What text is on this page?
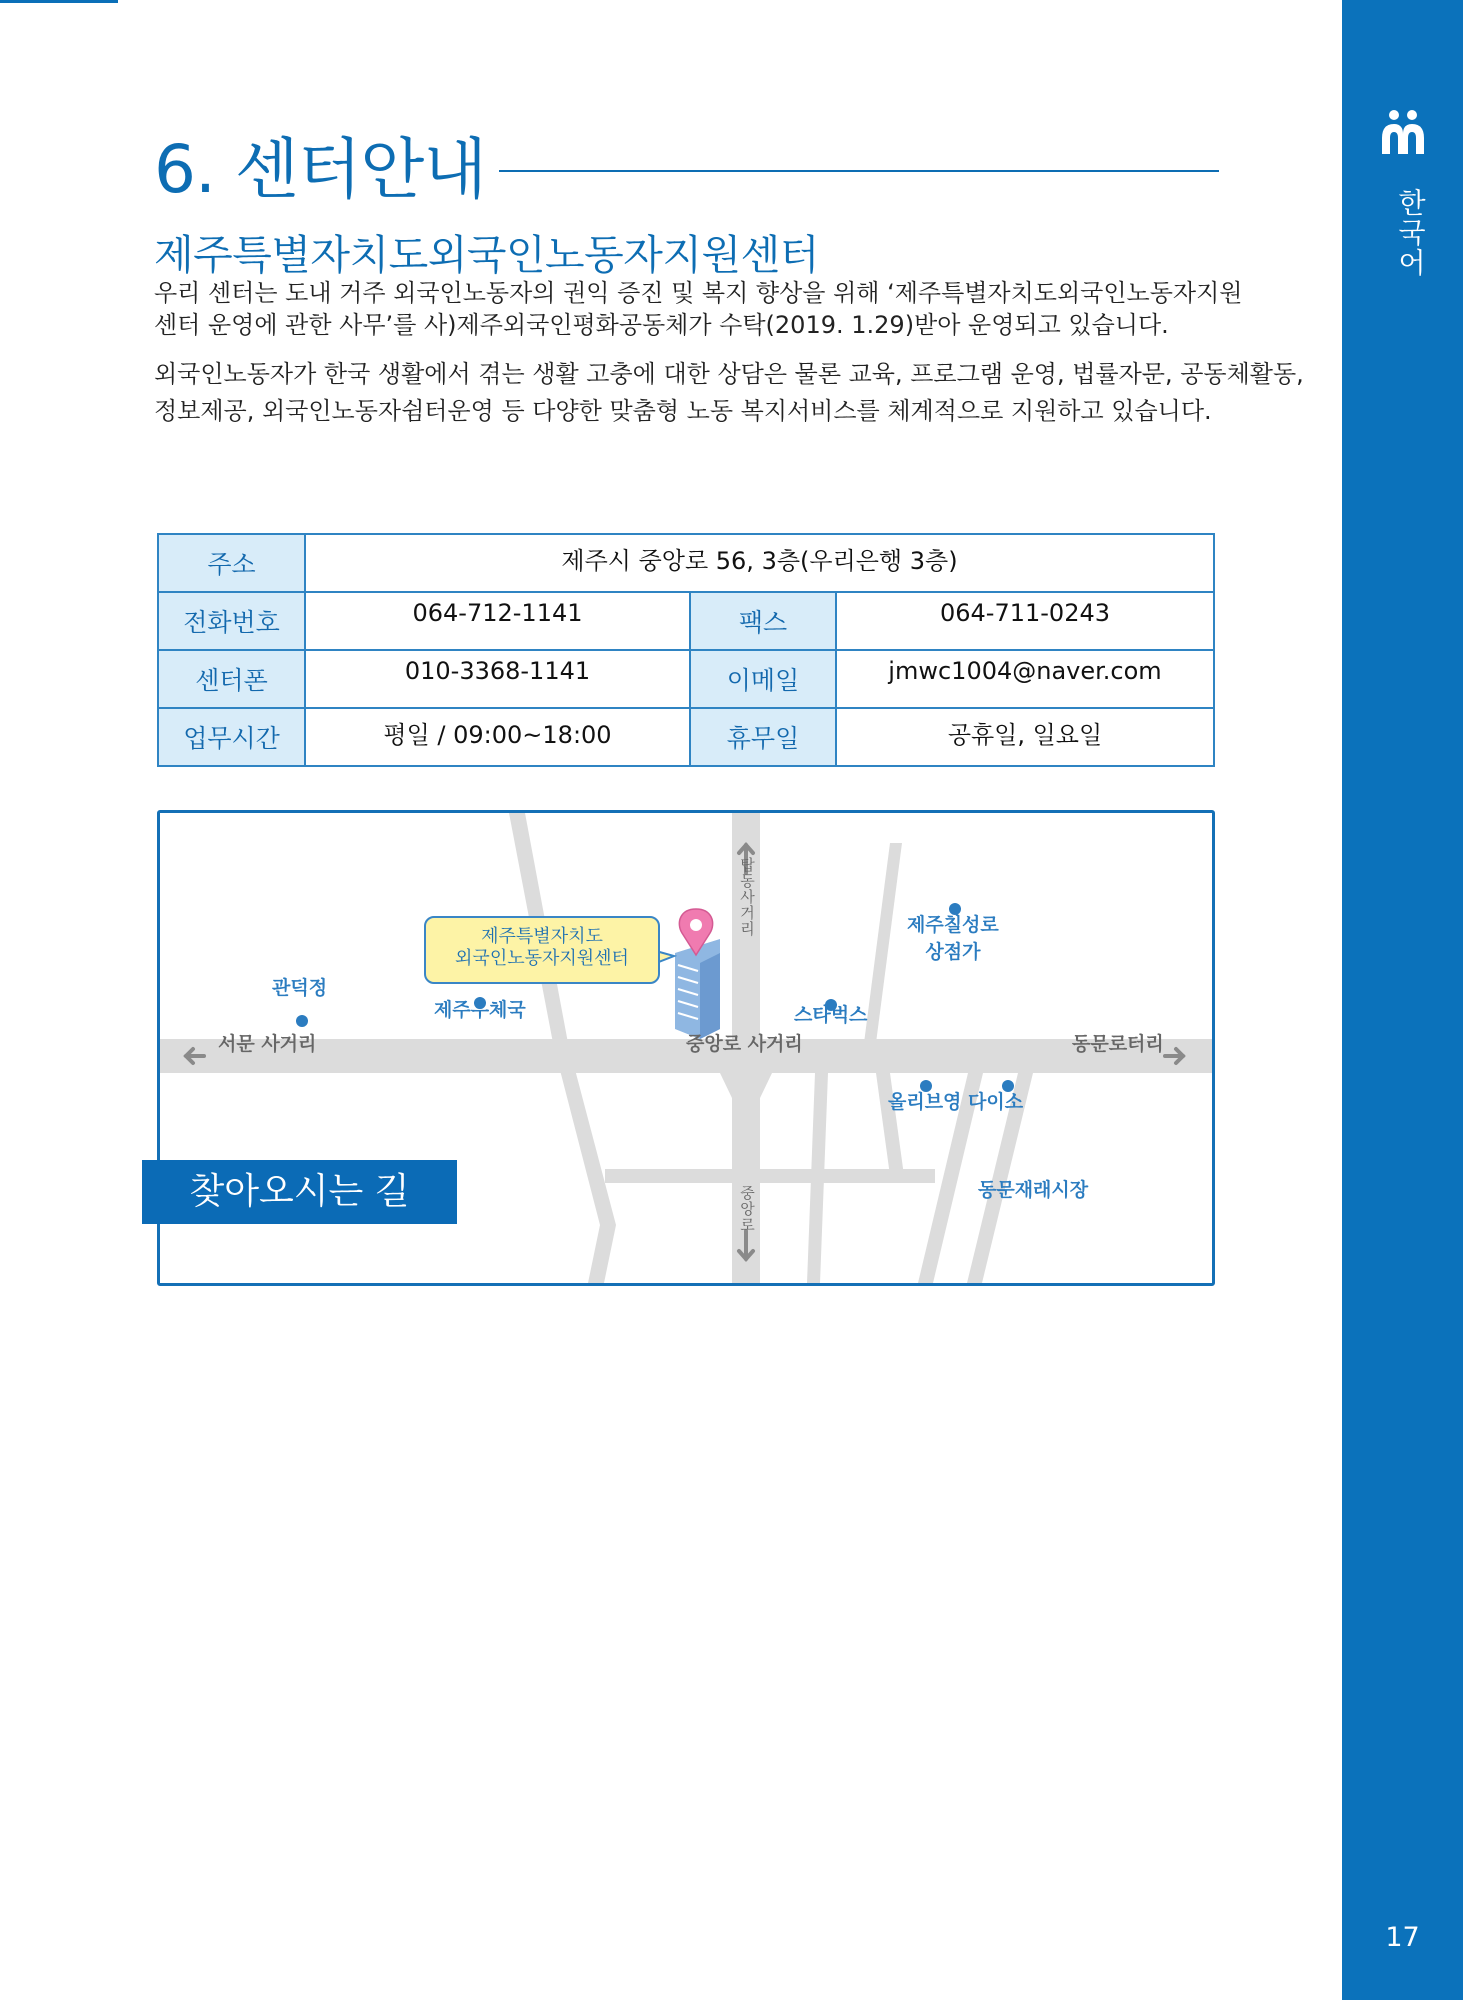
한국어
17
6. 센터안내
제주특별자치도외국인노동자지원센터

우리 센터는 도내 거주 외국인노동자의 권익 증진 및 복지 향상을 위해 ‘제주특별자치도외국인노동자지원
센터 운영에 관한 사무’를 사)제주외국인평화공동체가 수탁(2019. 1.29)받아 운영되고 있습니다.

외국인노동자가 한국 생활에서 겪는 생활 고충에 대한 상담은 물론 교육, 프로그램 운영, 법률자문, 공동체활동,
정보제공, 외국인노동자쉼터운영 등 다양한 맞춤형 노동 복지서비스를 체계적으로 지원하고 있습니다.

주소	제주시 중앙로 56, 3층(우리은행 3층)		
전화번호	064-712-1141	팩스	064-711-0243
센터폰	010-3368-1141	이메일	jmwc1004@naver.com
업무시간	평일 / 09:00~18:00	휴무일	공휴일, 일요일
제주특별자치도
외국인노동자지원센터
관덕정
제주우체국
서문 사거리	중앙로 사거리
스타벅스
제주칠성로
상점가
동문로터리
올리브영 다이소
동문재래시장
탑동사거리
중앙로
찾아오시는 길
